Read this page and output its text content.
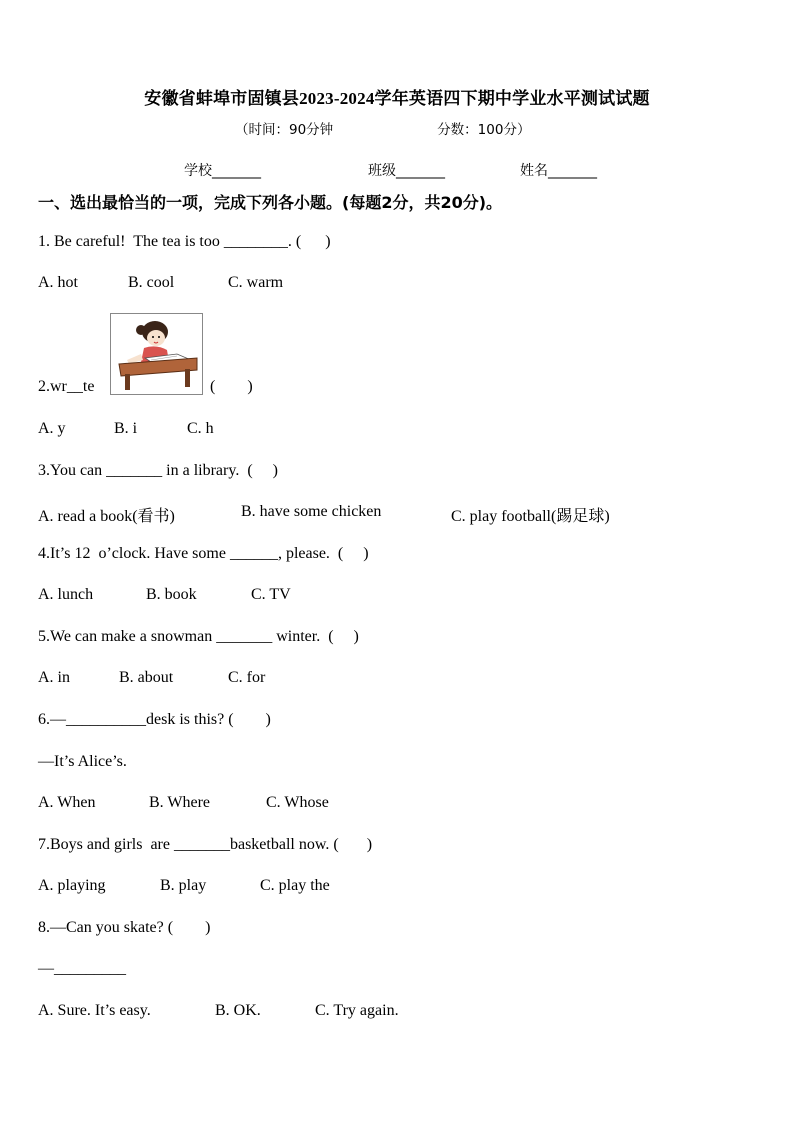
安徽省蚌埠市固镇县2023-2024学年英语四下期中学业水平测试试题
（时间：90分钟	分数：100分）
学校_______	班级_______	姓名_______
一、选出最恰当的一项，完成下列各小题。(每题2分，共20分)。
1. Be careful!  The tea is too ________. (      )
A. hot	B. cool	C. warm
2.wr__te	(        )
A. y	B. i	C. h
3.You can _______ in a library.  (     )
A. read a book(看书)	B. have some chicken	C. play football(踢足球)
4.It’s 12  o’clock. Have some ______, please.  (     )
A. lunch	B. book	C. TV
5.We can make a snowman _______ winter.  (     )
A. in	B. about	C. for
6.—__________desk is this? (        )
—It’s Alice’s.
A. When	B. Where	C. Whose
7.Boys and girls  are _______basketball now. (       )
A. playing	B. play	C. play the
8.—Can you skate? (        )
—_________
A. Sure. It’s easy.	B. OK.	C. Try again.
